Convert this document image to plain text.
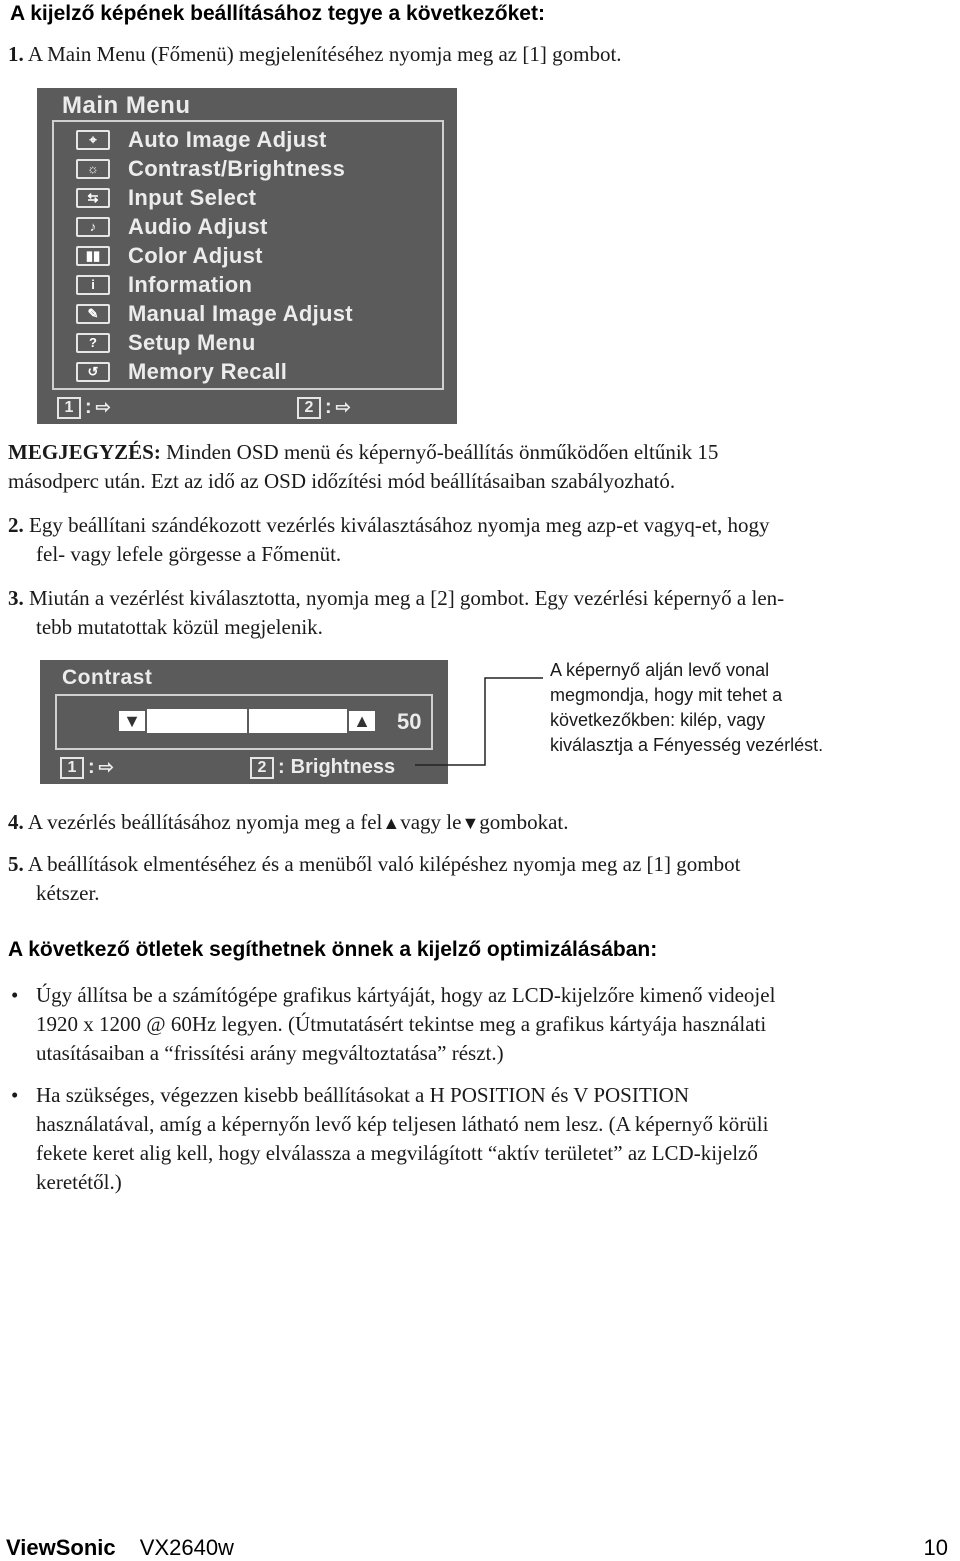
A kijelző képének beállításához tegye a következőket:
1. A Main Menu (Főmenü) megjelenítéséhez nyomja meg az [1] gombot.
Main Menu
⌖	Auto Image Adjust
☼	Contrast/Brightness
⇆	Input Select
♪	Audio Adjust
▮▮	Color Adjust
i	Information
✎	Manual Image Adjust
?	Setup Menu
↺	Memory Recall
1 : ⇨	2 : ⇨
MEGJEGYZÉS: Minden OSD menü és képernyő-beállítás önműködően eltűnik 15
másodperc után. Ezt az idő az OSD időzítési mód beállításaiban szabályozható.
2. Egy beállítani szándékozott vezérlés kiválasztásához nyomja meg azp-et vagyq-et, hogy
fel- vagy lefele görgesse a Főmenüt.
3. Miután a vezérlést kiválasztotta, nyomja meg a [2] gombot. Egy vezérlési képernyő a len-
tebb mutatottak közül megjelenik.
Contrast
▼	▲ 50
1 : ⇨	2 : Brightness
A képernyő alján levő vonal
megmondja, hogy mit tehet a
következőkben: kilép, vagy
kiválasztja a Fényesség vezérlést.
4. A vezérlés beállításához nyomja meg a fel▲vagy le▼gombokat.
5. A beállítások elmentéséhez és a menüből való kilépéshez nyomja meg az [1] gombot
kétszer.
A következő ötletek segíthetnek önnek a kijelző optimizálásában:
• Úgy állítsa be a számítógépe grafikus kártyáját, hogy az LCD-kijelzőre kimenő videojel
1920 x 1200 @ 60Hz legyen. (Útmutatásért tekintse meg a grafikus kártyája használati
utasításaiban a “frissítési arány megváltoztatása” részt.)
• Ha szükséges, végezzen kisebb beállításokat a H POSITION és V POSITION
használatával, amíg a képernyőn levő kép teljesen látható nem lesz. (A képernyő körüli
fekete keret alig kell, hogy elválassza a megvilágított “aktív területet” az LCD-kijelző
keretétől.)
ViewSonic VX2640w	10
